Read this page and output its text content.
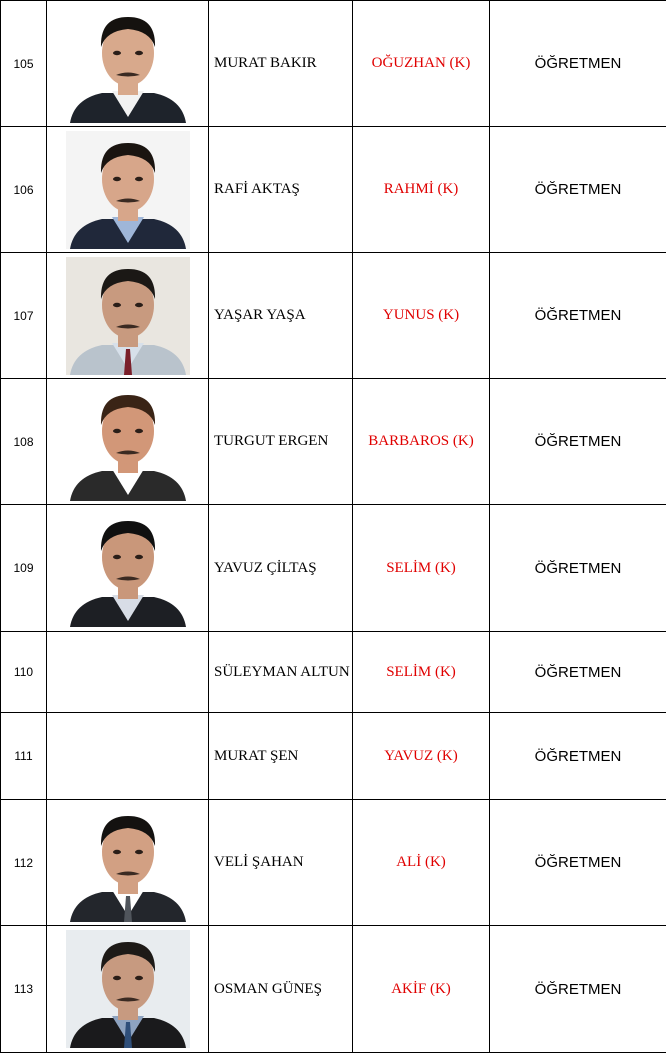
105		MURAT BAKIR	OĞUZHAN (K)	ÖĞRETMEN
106		RAFİ AKTAŞ	RAHMİ (K)	ÖĞRETMEN
107		YAŞAR YAŞA	YUNUS (K)	ÖĞRETMEN
108		TURGUT ERGEN	BARBAROS (K)	ÖĞRETMEN
109		YAVUZ ÇİLTAŞ	SELİM (K)	ÖĞRETMEN
110		SÜLEYMAN ALTUN	SELİM (K)	ÖĞRETMEN
111		MURAT ŞEN	YAVUZ (K)	ÖĞRETMEN
112		VELİ ŞAHAN	ALİ (K)	ÖĞRETMEN
113		OSMAN GÜNEŞ	AKİF (K)	ÖĞRETMEN
